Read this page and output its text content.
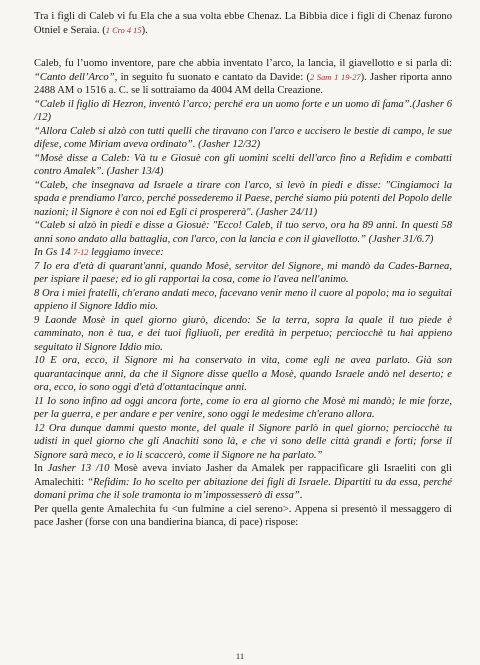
Tra i figli di Caleb vi fu Ela che a sua volta ebbe Chenaz. La Bibbia dice i figli di Chenaz furono Otniel e Seraia. (1 Cro 4 15).

Caleb, fu l’uomo inventore, pare che abbia inventato l’arco, la lancia, il giavellotto e si parla di: “Canto dell’Arco”, in seguito fu suonato e cantato da Davide: (2 Sam 1 19-27). Jasher riporta anno 2488 AM o 1516 a. C. se li sottraiamo da 4004 AM della Creazione.

“Caleb il figlio di Hezron, inventò l’arco; perché era un uomo forte e un uomo di fama”.(Jasher 6 /12)

“Allora Caleb si alzò con tutti quelli che tiravano con l'arco e uccisero le bestie di campo, le sue difese, come Miriam aveva ordinato”. (Jasher 12/32)

“Mosè disse a Caleb: Và tu e Giosuè con gli uomini scelti dell'arco fino a Refidim e combatti contro Amalek”. (Jasher 13/4)

“Caleb, che insegnava ad Israele a tirare con l'arco, si levò in piedi e disse: "Cingiamoci la spada e prendiamo l'arco, perché possederemo il Paese, perché siamo più potenti del Popolo delle nazioni; il Signore è con noi ed Egli ci prospererà". (Jasher 24/11)

“Caleb si alzò in piedi e disse a Giosuè: "Ecco! Caleb, il tuo servo, ora ha 89 anni. In questi 58 anni sono andato alla battaglia, con l'arco, con la lancia e con il giavellotto.” (Jasher 31/6.7)

In Gs 14 7-12 leggiamo invece:

7 Io era d'età di quarant'anni, quando Mosè, servitor del Signore, mi mandò da Cades-Barnea, per ispiare il paese; ed io gli rapportai la cosa, come io l'avea nell'animo.

8 Ora i miei fratelli, ch'erano andati meco, facevano venir meno il cuore al popolo; ma io seguitai appieno il Signore Iddio mio.

9 Laonde Mosè in quel giorno giurò, dicendo: Se la terra, sopra la quale il tuo piede è camminato, non è tua, e dei tuoi figliuoli, per eredità in perpetuo; perciocchè tu hai appieno seguitato il Signore Iddio mio.

10 E ora, ecco, il Signore mi ha conservato in vita, come egli ne avea parlato. Già son quarantacinque anni, da che il Signore disse quello a Mosè, quando Israele andò nel deserto; e ora, ecco, io sono oggi d'età d'ottantacinque anni.

11 Io sono infino ad oggi ancora forte, come io era al giorno che Mosè mi mandò; le mie forze, per la guerra, e per andare e per venire, sono oggi le medesime ch'erano allora.

12 Ora dunque dammi questo monte, del quale il Signore parlò in quel giorno; perciocchè tu udisti in quel giorno che gli Anachiti sono là, e che vi sono delle città grandi e forti; forse il Signore sarà meco, e io li scaccerò, come il Signore ne ha parlato.”

In Jasher 13 /10 Mosè aveva inviato Jasher da Amalek per rappacificare gli Israeliti con gli Amalechiti: “Refidim: Io ho scelto per abitazione dei figli di Israele. Dipartiti tu da essa, perché domani prima che il sole tramonta io m’impossesserò di essa”.

Per quella gente Amalechita fu <un fulmine a ciel sereno>. Appena si presentò il messaggero di pace Jasher (forse con una bandierina bianca, di pace) rispose:

11
